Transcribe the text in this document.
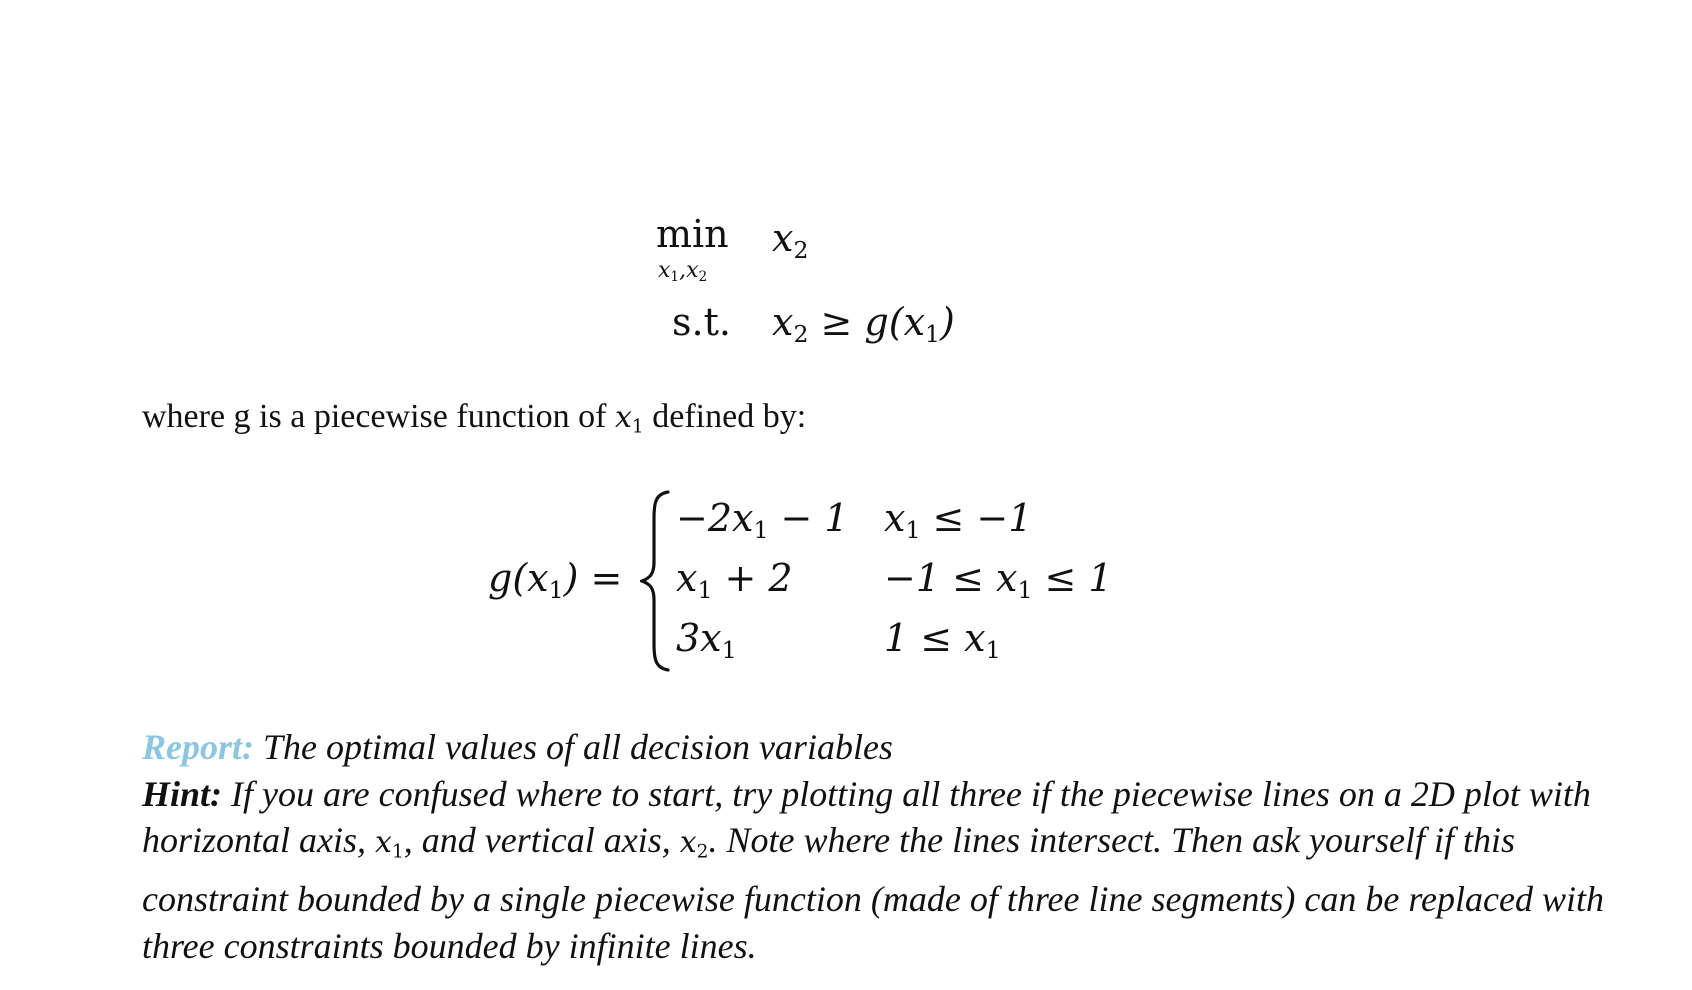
min
$x_1,x_2$
$x_2$
s.t. $x_2 \ge g(x_1)$
where g is a piecewise function of $x_1$ defined by:
$g(x_1)$ =
$-2x_1 - 1$ $x_1 \le -1$
$x_1 + 2 -1 \le x_1 \le 1$
$3x_1$	$1 \le x_1$
Report: The optimal values of all decision variables
Hint: If you are confused where to start, try plotting all three if the piecewise lines on a 2D plot with horizontal axis, $x_1$, and vertical axis, $x_2$. Note where the lines intersect. Then ask yourself if this constraint bounded by a single piecewise function (made of three line segments) can be replaced with three constraints bounded by infinite lines.
